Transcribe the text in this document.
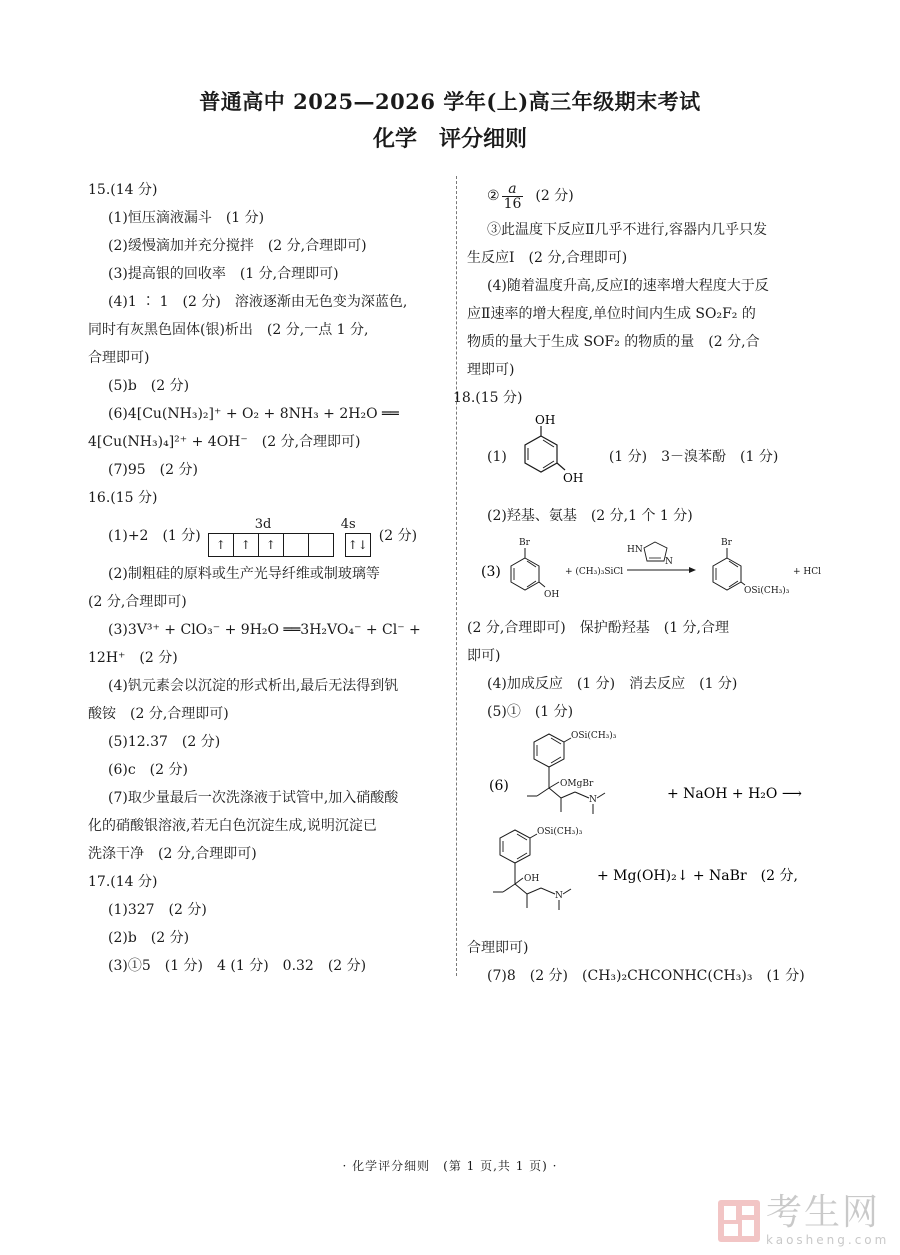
普通高中 2025—2026 学年(上)高三年级期末考试
化学　评分细则
15.(14 分)
(1)恒压滴液漏斗　(1 分)
(2)缓慢滴加并充分搅拌　(2 分,合理即可)
(3)提高银的回收率　(1 分,合理即可)
(4)1 ∶ 1　(2 分)　溶液逐渐由无色变为深蓝色,
同时有灰黑色固体(银)析出　(2 分,一点 1 分,
合理即可)
(5)b　(2 分)
(6)4[Cu(NH₃)₂]⁺ + O₂ + 8NH₃ + 2H₂O ══
4[Cu(NH₃)₄]²⁺ + 4OH⁻　(2 分,合理即可)
(7)95　(2 分)
16.(15 分)
(1)+2　(1 分)
3d	4s
↑	↑	↑	↑↓
(2 分)
(2)制粗硅的原料或生产光导纤维或制玻璃等
(2 分,合理即可)
(3)3V³⁺ + ClO₃⁻ + 9H₂O ══3H₂VO₄⁻ + Cl⁻ +
12H⁺　(2 分)
(4)钒元素会以沉淀的形式析出,最后无法得到钒
酸铵　(2 分,合理即可)
(5)12.37　(2 分)
(6)c　(2 分)
(7)取少量最后一次洗涤液于试管中,加入硝酸酸
化的硝酸银溶液,若无白色沉淀生成,说明沉淀已
洗涤干净　(2 分,合理即可)
17.(14 分)
(1)327　(2 分)
(2)b　(2 分)
(3)①5　(1 分)　4 (1 分)　0.32　(2 分)
② $\frac{a}{16} (2$ 分)
③此温度下反应Ⅱ几乎不进行,容器内几乎只发
生反应Ⅰ　(2 分,合理即可)
(4)随着温度升高,反应Ⅰ的速率增大程度大于反
应Ⅱ速率的增大程度,单位时间内生成 SO₂F₂ 的
物质的量大于生成 SOF₂ 的物质的量　(2 分,合
理即可)
18.(15 分)
(1)
OH
OH
(1 分)　3－溴苯酚　(1 分)
(2)羟基、氨基　(2 分,1 个 1 分)
(3)
Br
OH
+ (CH₃)₃SiCl
HN
N
Br
OSi(CH₃)₃
+ HCl
(2 分,合理即可)　保护酚羟基　(1 分,合理
即可)
(4)加成反应　(1 分)　消去反应　(1 分)
(5)①　(1 分)
(6)
OSi(CH₃)₃
OMgBr
N	+ NaOH + H₂O ⟶
OSi(CH₃)₃
OH
N
+ Mg(OH)₂↓ + NaBr　(2 分,
合理即可)
(7)8　(2 分)　(CH₃)₂CHCONHC(CH₃)₃　(1 分)
· 化学评分细则　(第 1 页,共 1 页) ·
考生网
kaosheng.com
